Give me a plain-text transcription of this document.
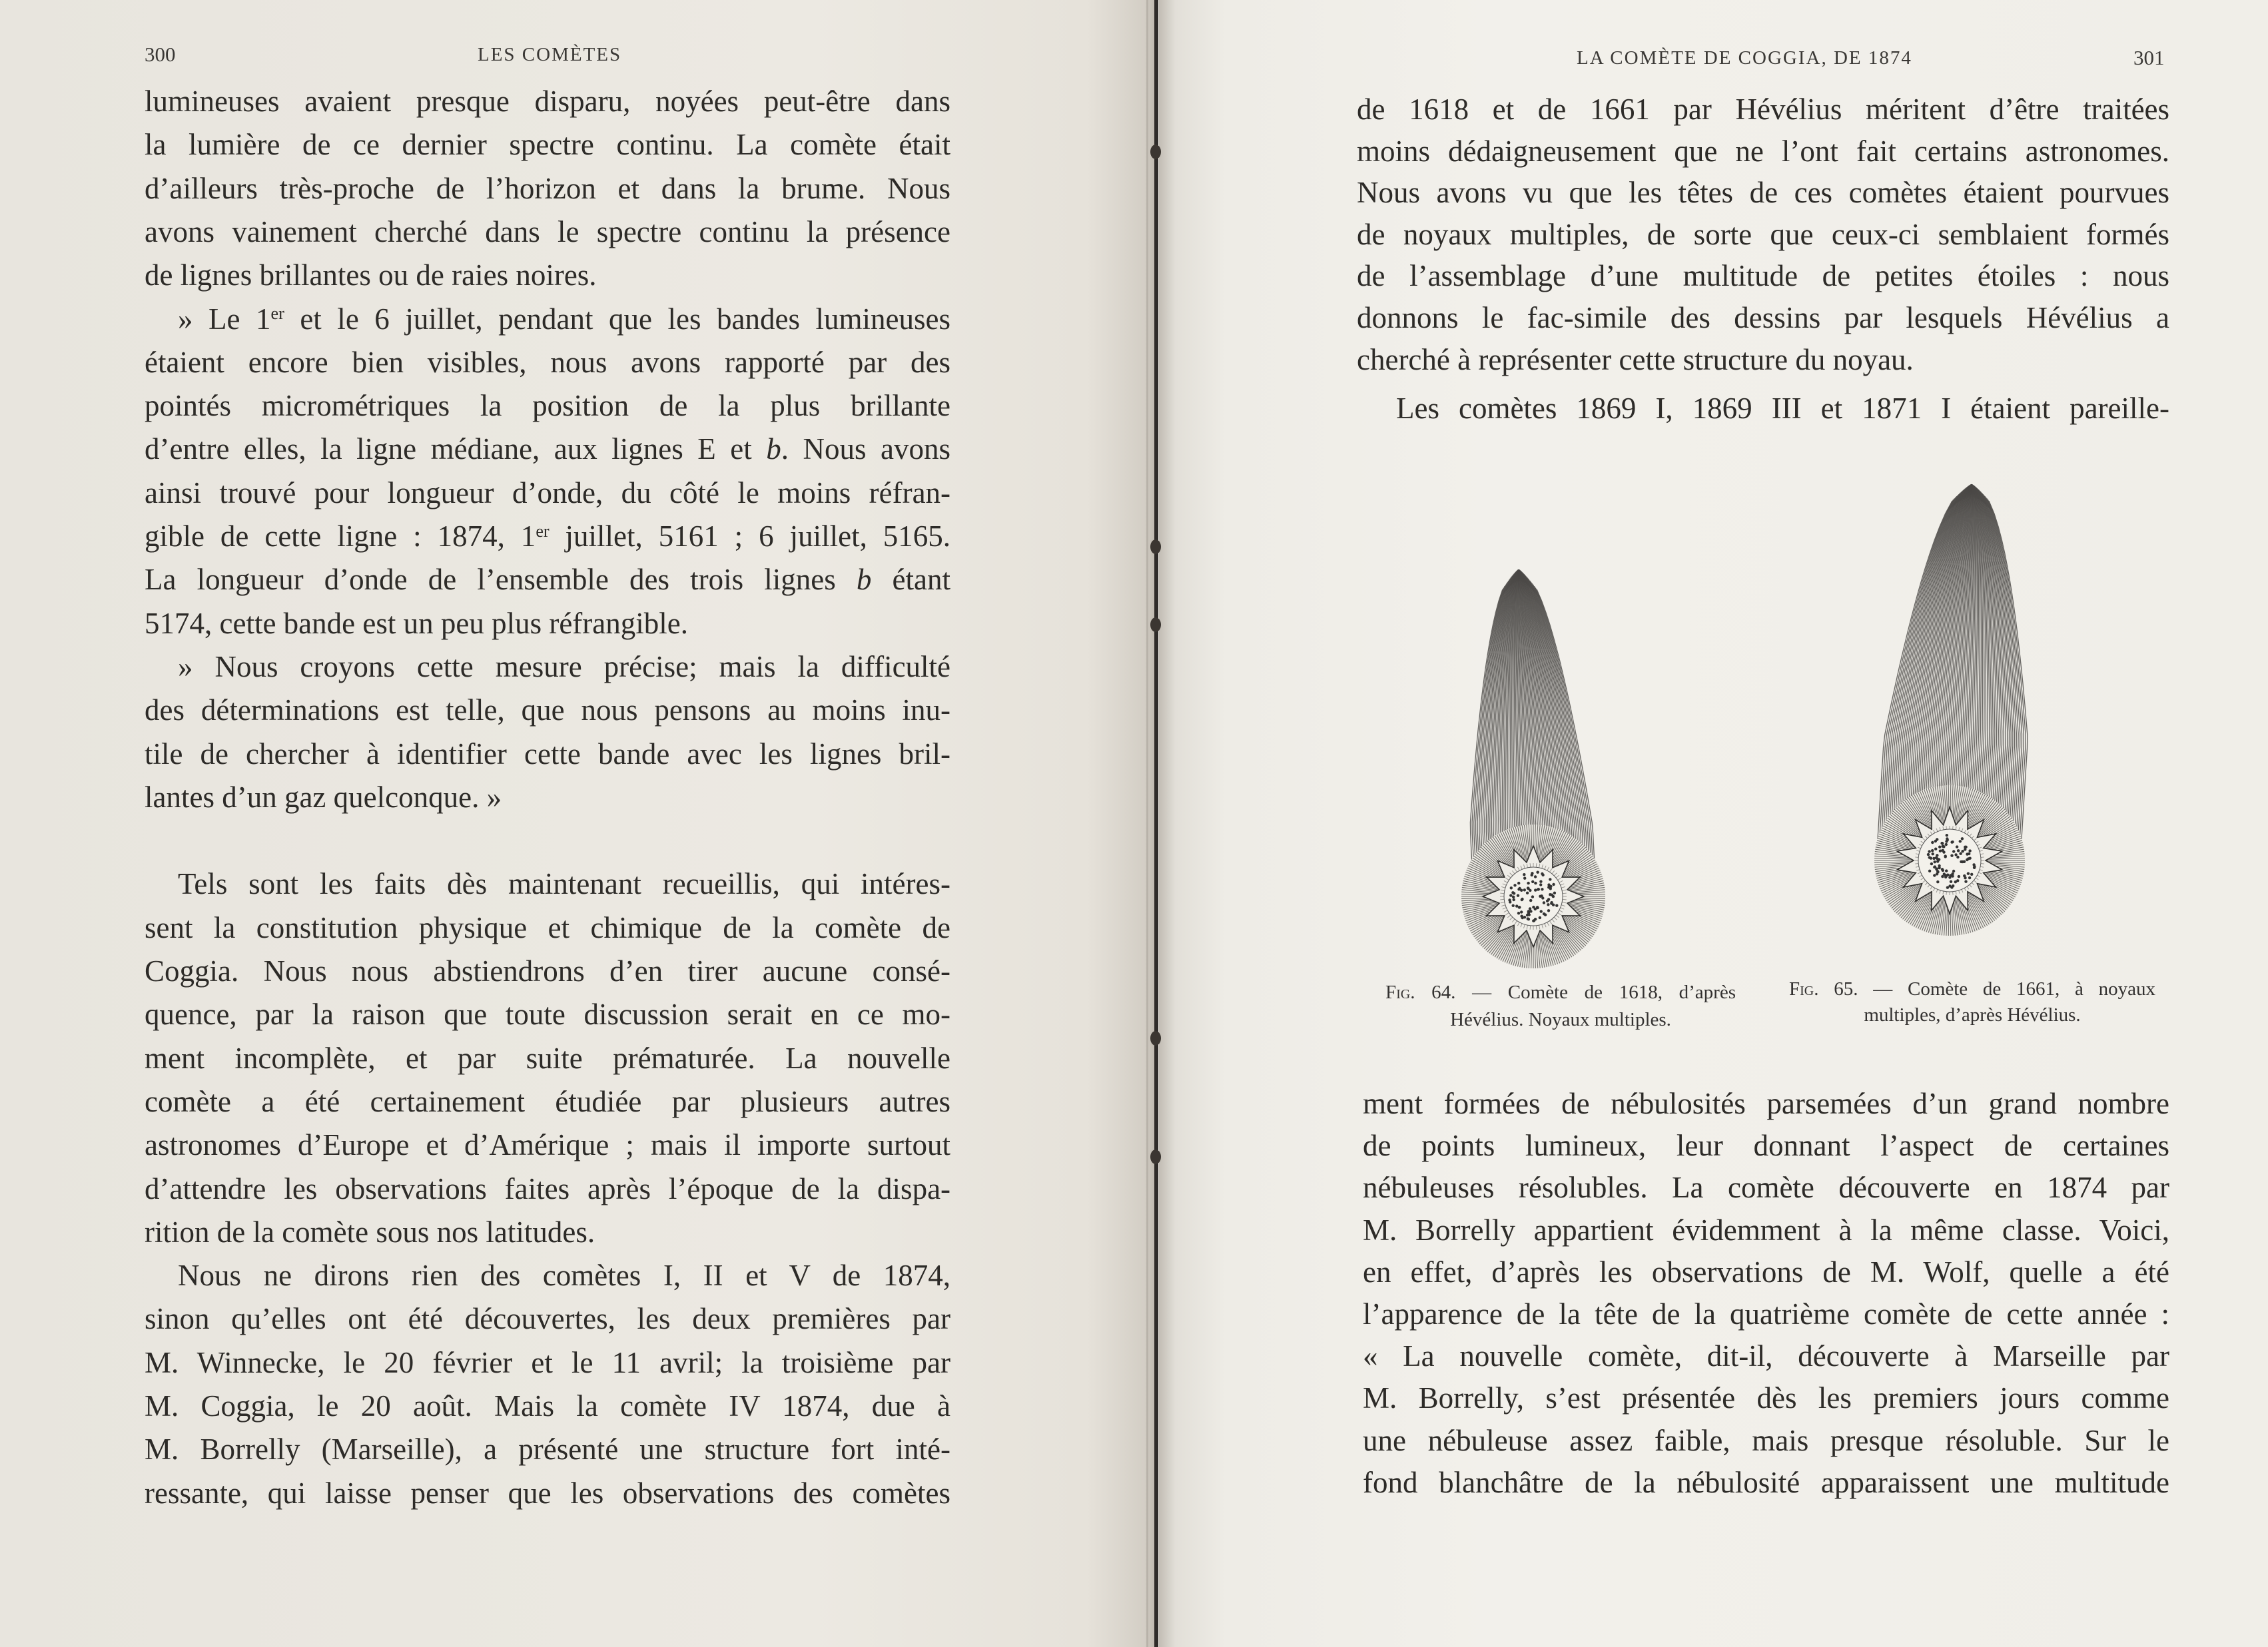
300	LES COMÈTES	LA COMÈTE DE COGGIA, DE 1874	301
Fig. 64. — Comète de 1618, d’après
Hévélius. Noyaux multiples.
Fig. 65. — Comète de 1661, à noyaux
multiples, d’après Hévélius.
lumineuses avaient presque disparu, noyées peut-être dans
la lumière de ce dernier spectre continu. La comète était
d’ailleurs très-proche de l’horizon et dans la brume. Nous
avons vainement cherché dans le spectre continu la présence
de lignes brillantes ou de raies noires.
» Le 1er et le 6 juillet, pendant que les bandes lumineuses
étaient encore bien visibles, nous avons rapporté par des
pointés micrométriques la position de la plus brillante
d’entre elles, la ligne médiane, aux lignes E et b. Nous avons
ainsi trouvé pour longueur d’onde, du côté le moins réfran-
gible de cette ligne : 1874, 1er juillet, 5161 ; 6 juillet, 5165.
La longueur d’onde de l’ensemble des trois lignes b étant
5174, cette bande est un peu plus réfrangible.
» Nous croyons cette mesure précise; mais la difficulté
des déterminations est telle, que nous pensons au moins inu-
tile de chercher à identifier cette bande avec les lignes bril-
lantes d’un gaz quelconque. »
Tels sont les faits dès maintenant recueillis, qui intéres-
sent la constitution physique et chimique de la comète de
Coggia. Nous nous abstiendrons d’en tirer aucune consé-
quence, par la raison que toute discussion serait en ce mo-
ment incomplète, et par suite prématurée. La nouvelle
comète a été certainement étudiée par plusieurs autres
astronomes d’Europe et d’Amérique ; mais il importe surtout
d’attendre les observations faites après l’époque de la dispa-
rition de la comète sous nos latitudes.
Nous ne dirons rien des comètes I, II et V de 1874,
sinon qu’elles ont été découvertes, les deux premières par
M. Winnecke, le 20 février et le 11 avril; la troisième par
M. Coggia, le 20 août. Mais la comète IV 1874, due à
M. Borrelly (Marseille), a présenté une structure fort inté-
ressante, qui laisse penser que les observations des comètes
de 1618 et de 1661 par Hévélius méritent d’être traitées
moins dédaigneusement que ne l’ont fait certains astronomes.
Nous avons vu que les têtes de ces comètes étaient pourvues
de noyaux multiples, de sorte que ceux-ci semblaient formés
de l’assemblage d’une multitude de petites étoiles : nous
donnons le fac-simile des dessins par lesquels Hévélius a
cherché à représenter cette structure du noyau.
Les comètes 1869 I, 1869 III et 1871 I étaient pareille-
ment formées de nébulosités parsemées d’un grand nombre
de points lumineux, leur donnant l’aspect de certaines
nébuleuses résolubles. La comète découverte en 1874 par
M. Borrelly appartient évidemment à la même classe. Voici,
en effet, d’après les observations de M. Wolf, quelle a été
l’apparence de la tête de la quatrième comète de cette année :
« La nouvelle comète, dit-il, découverte à Marseille par
M. Borrelly, s’est présentée dès les premiers jours comme
une nébuleuse assez faible, mais presque résoluble. Sur le
fond blanchâtre de la nébulosité apparaissent une multitude
